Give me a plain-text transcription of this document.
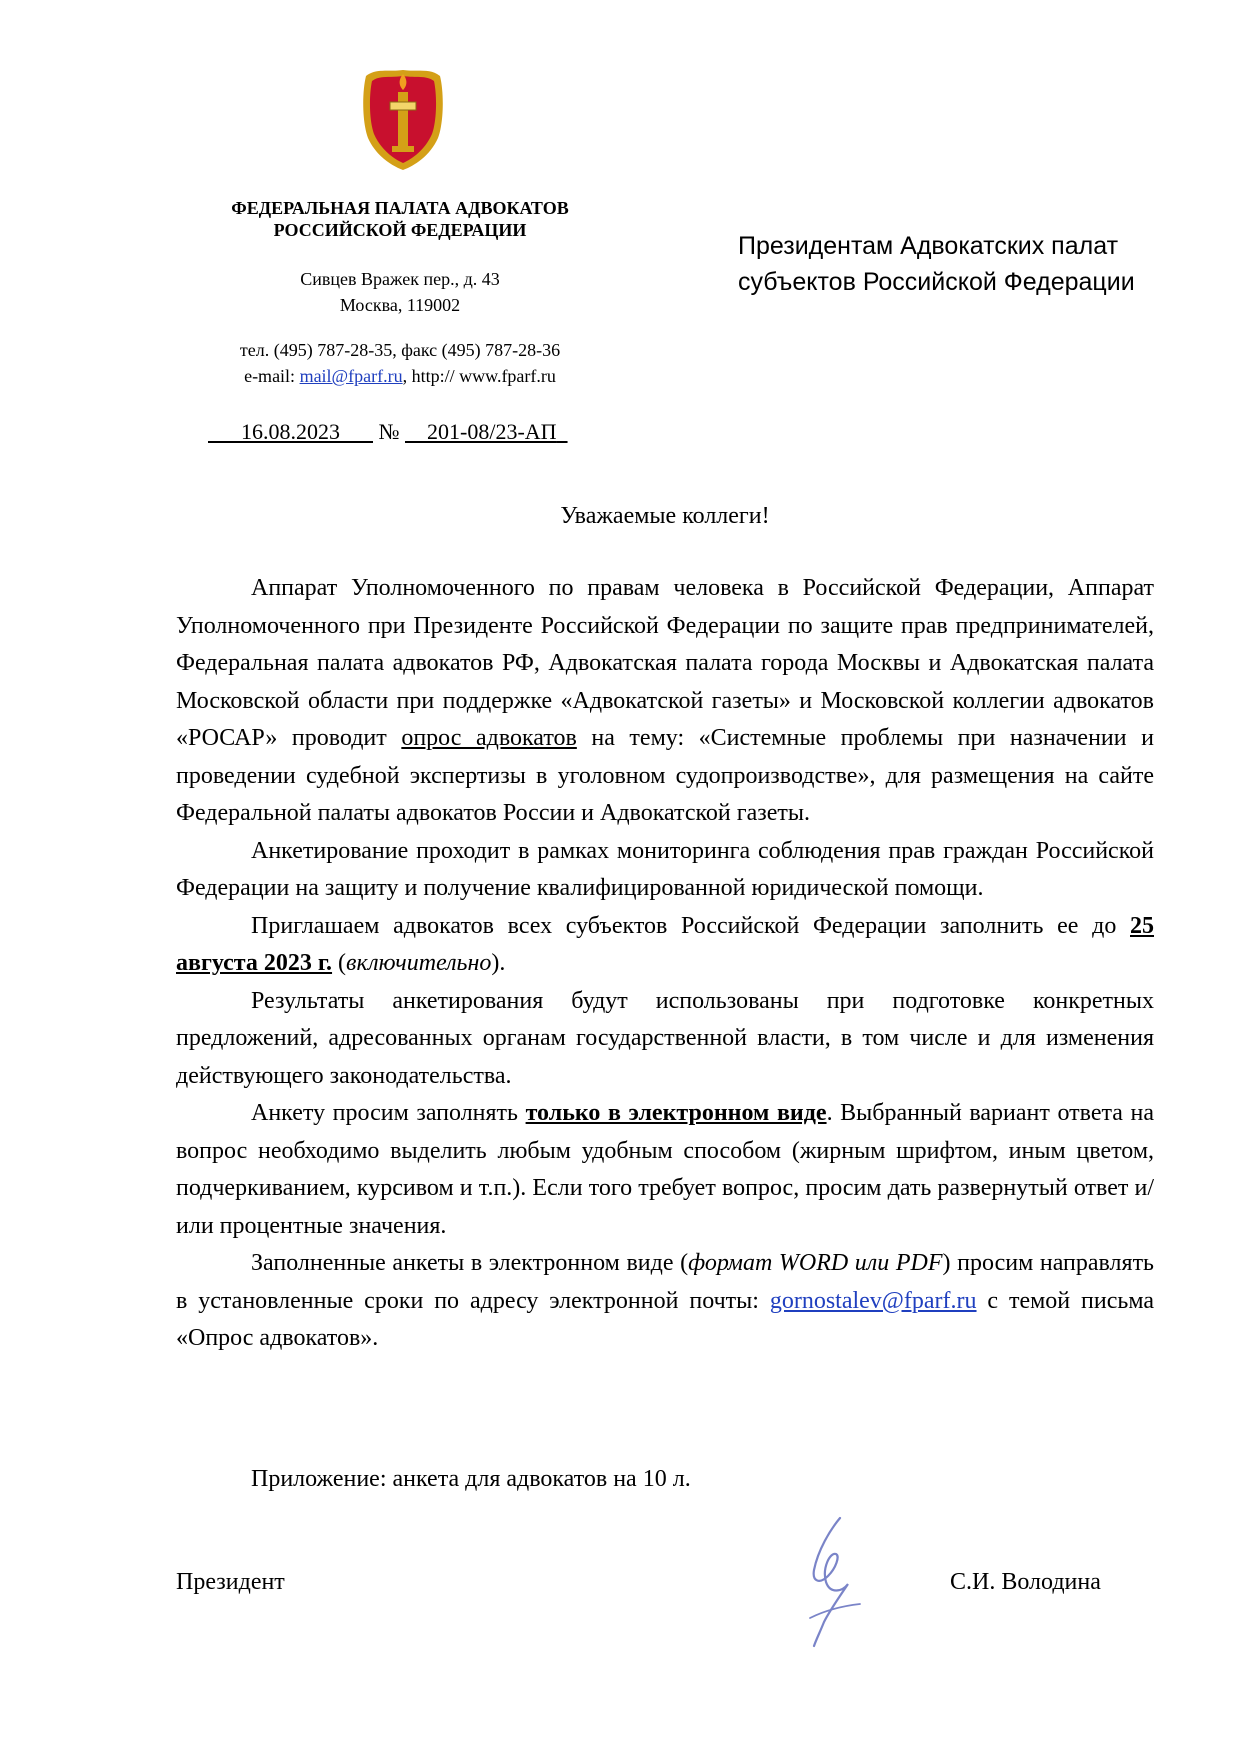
ФЕДЕРАЛЬНАЯ ПАЛАТА АДВОКАТОВ
РОССИЙСКОЙ ФЕДЕРАЦИИ
Сивцев Вражек пер., д. 43
Москва, 119002
тел. (495) 787-28-35, факс (495) 787-28-36
e-mail: mail@fparf.ru, http:// www.fparf.ru
16.08.2023 № 201-08/23-АП
Президентам Адвокатских палат
субъектов Российской Федерации
Уважаемые коллеги!

Аппарат Уполномоченного по правам человека в Российской Федерации, Аппарат Уполномоченного при Президенте Российской Федерации по защите прав предпринимателей, Федеральная палата адвокатов РФ, Адвокатская палата города Москвы и Адвокатская палата Московской области при поддержке «Адвокатской газеты» и Московской коллегии адвокатов «РОСАР» проводит опрос адвокатов на тему: «Системные проблемы при назначении и проведении судебной экспертизы в уголовном судопроизводстве», для размещения на сайте Федеральной палаты адвокатов России и Адвокатской газеты.

Анкетирование проходит в рамках мониторинга соблюдения прав граждан Российской Федерации на защиту и получение квалифицированной юридической помощи.

Приглашаем адвокатов всех субъектов Российской Федерации заполнить ее до 25 августа 2023 г. (включительно).

Результаты анкетирования будут использованы при подготовке конкретных предложений, адресованных органам государственной власти, в том числе и для изменения действующего законодательства.

Анкету просим заполнять только в электронном виде. Выбранный вариант ответа на вопрос необходимо выделить любым удобным способом (жирным шрифтом, иным цветом, подчеркиванием, курсивом и т.п.). Если того требует вопрос, просим дать развернутый ответ и/или процентные значения.

Заполненные анкеты в электронном виде (формат WORD или PDF) просим направлять в установленные сроки по адресу электронной почты: gornostalev@fparf.ru с темой письма «Опрос адвокатов».

Приложение: анкета для адвокатов на 10 л.
Президент	С.И. Володина
